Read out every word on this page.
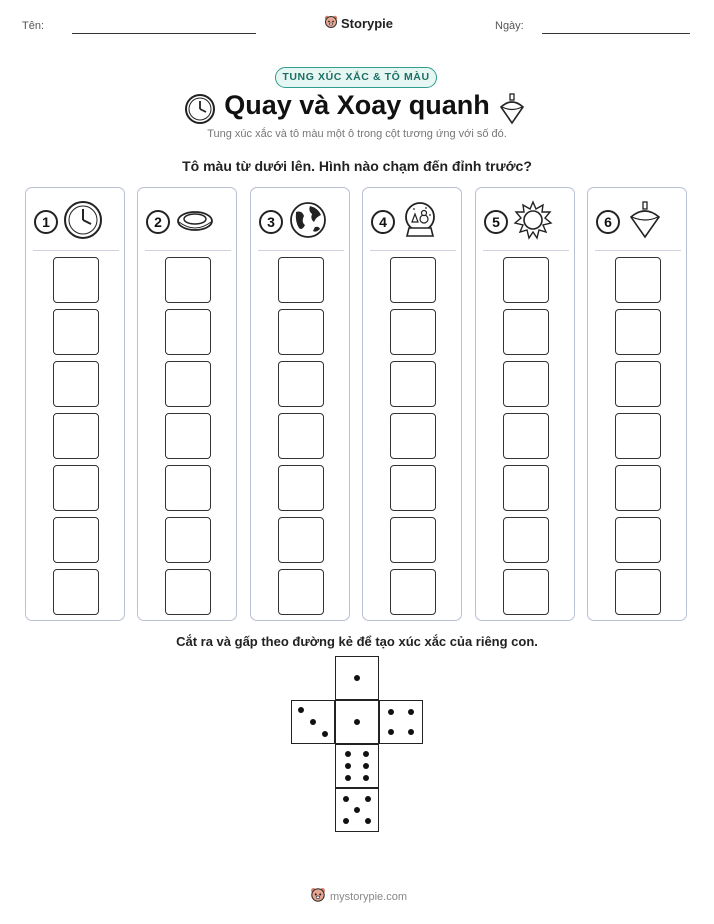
Tên:	Storypie	Ngày:
TUNG XÚC XẮC & TÔ MÀU
Quay và Xoay quanh
Tung xúc xắc và tô màu một ô trong cột tương ứng với số đó.
Tô màu từ dưới lên. Hình nào chạm đến đỉnh trước?
1	2	3	4	5	6
Cắt ra và gấp theo đường kẻ để tạo xúc xắc của riêng con.
mystorypie.com
